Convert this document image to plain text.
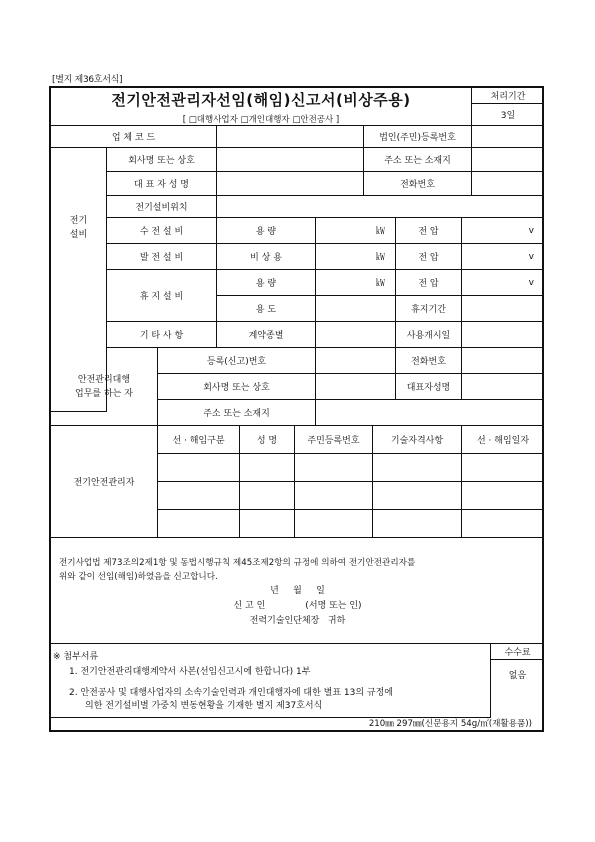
[별지 제36호서식]
전기안전관리자선임(해임)신고서(비상주용)
[ □대행사업자 □개인대행자 □안전공사 ]
처리기간
3일
업 체 코 드	법인(주민)등록번호
전기
설비
회사명 또는 상호	주소 또는 소재지
대 표 자 성 명	전화번호
전기설비위치
수 전 설 비	용 량	㎾	전 압	v
발 전 설 비	비 상 용	㎾	전 압	v
휴 지 설 비
용 량	㎾	전 압	v
용 도	휴지기간
기 타 사 항	계약종별	사용개시일
안전관리대행
업무를 하는 자
등록(신고)번호	전화번호
회사명 또는 상호	대표자성명
주소 또는 소재지
전기안전관리자
선 · 해임구분	성 명	주민등록번호	기술자격사항	선 · 해임일자
전기사업법 제73조의2제1항 및 동법시행규칙 제45조제2항의 규정에 의하여 전기안전관리자를
위와 같이 선임(해임)하였음을 신고합니다.
년     월     일
신 고 인              (서명 또는 인)
전력기술인단체장   귀하
※ 첨부서류
1. 전기안전관리대행계약서 사본(선임신고시에 한합니다) 1부
2. 안전공사 및 대행사업자의 소속기술인력과 개인대행자에 대한 별표 13의 규정에
의한 전기설비별 가중치 변동현황을 기재한 별지 제37호서식
수수료
없음
210㎜ 297㎜(신문용지 54g/㎡(재활용품))
